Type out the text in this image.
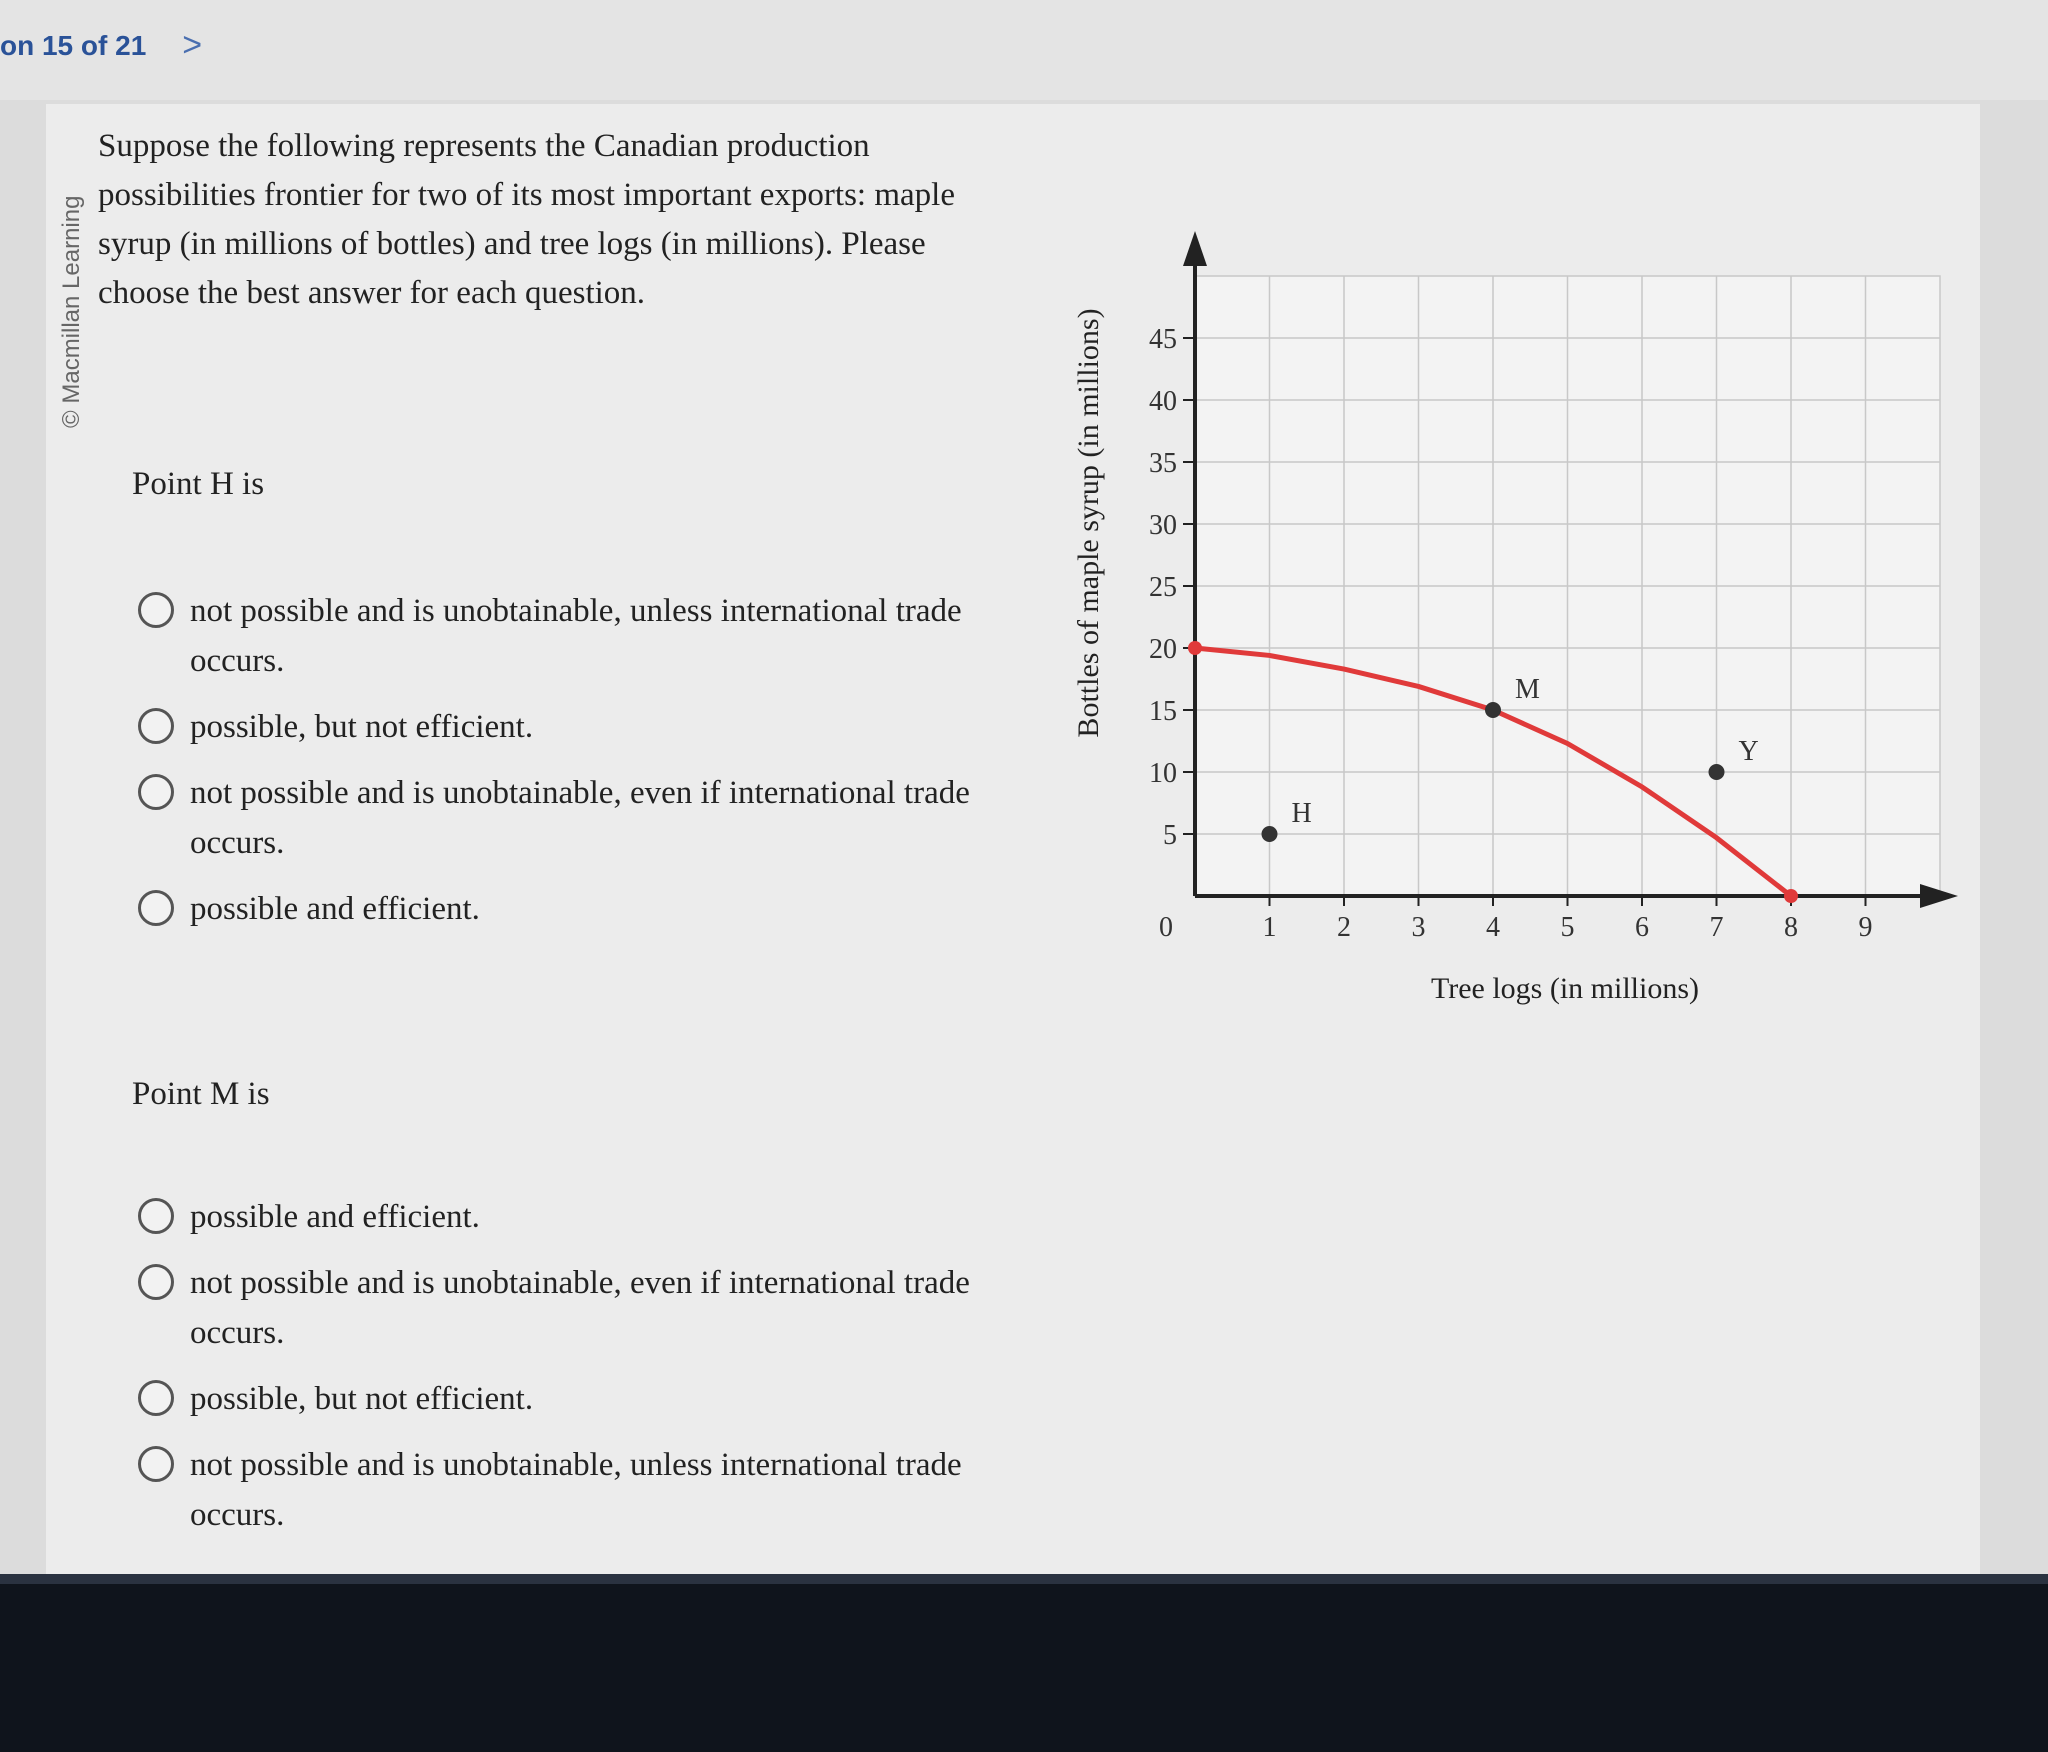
on 15 of 21 >
© Macmillan Learning
Suppose the following represents the Canadian production possibilities frontier for two of its most important exports: maple syrup (in millions of bottles) and tree logs (in millions). Please choose the best answer for each question.
Point H is
not possible and is unobtainable, unless international trade occurs.
possible, but not efficient.
not possible and is unobtainable, even if international trade occurs.
possible and efficient.
Point M is
possible and efficient.
not possible and is unobtainable, even if international trade occurs.
possible, but not efficient.
not possible and is unobtainable, unless international trade occurs.
1 2 3 4 5 6 7 8 9
5
10
15
20
25
30
35
40
45
0
H
M
Y
Tree logs (in millions)
Bottles of maple syrup (in millions)
